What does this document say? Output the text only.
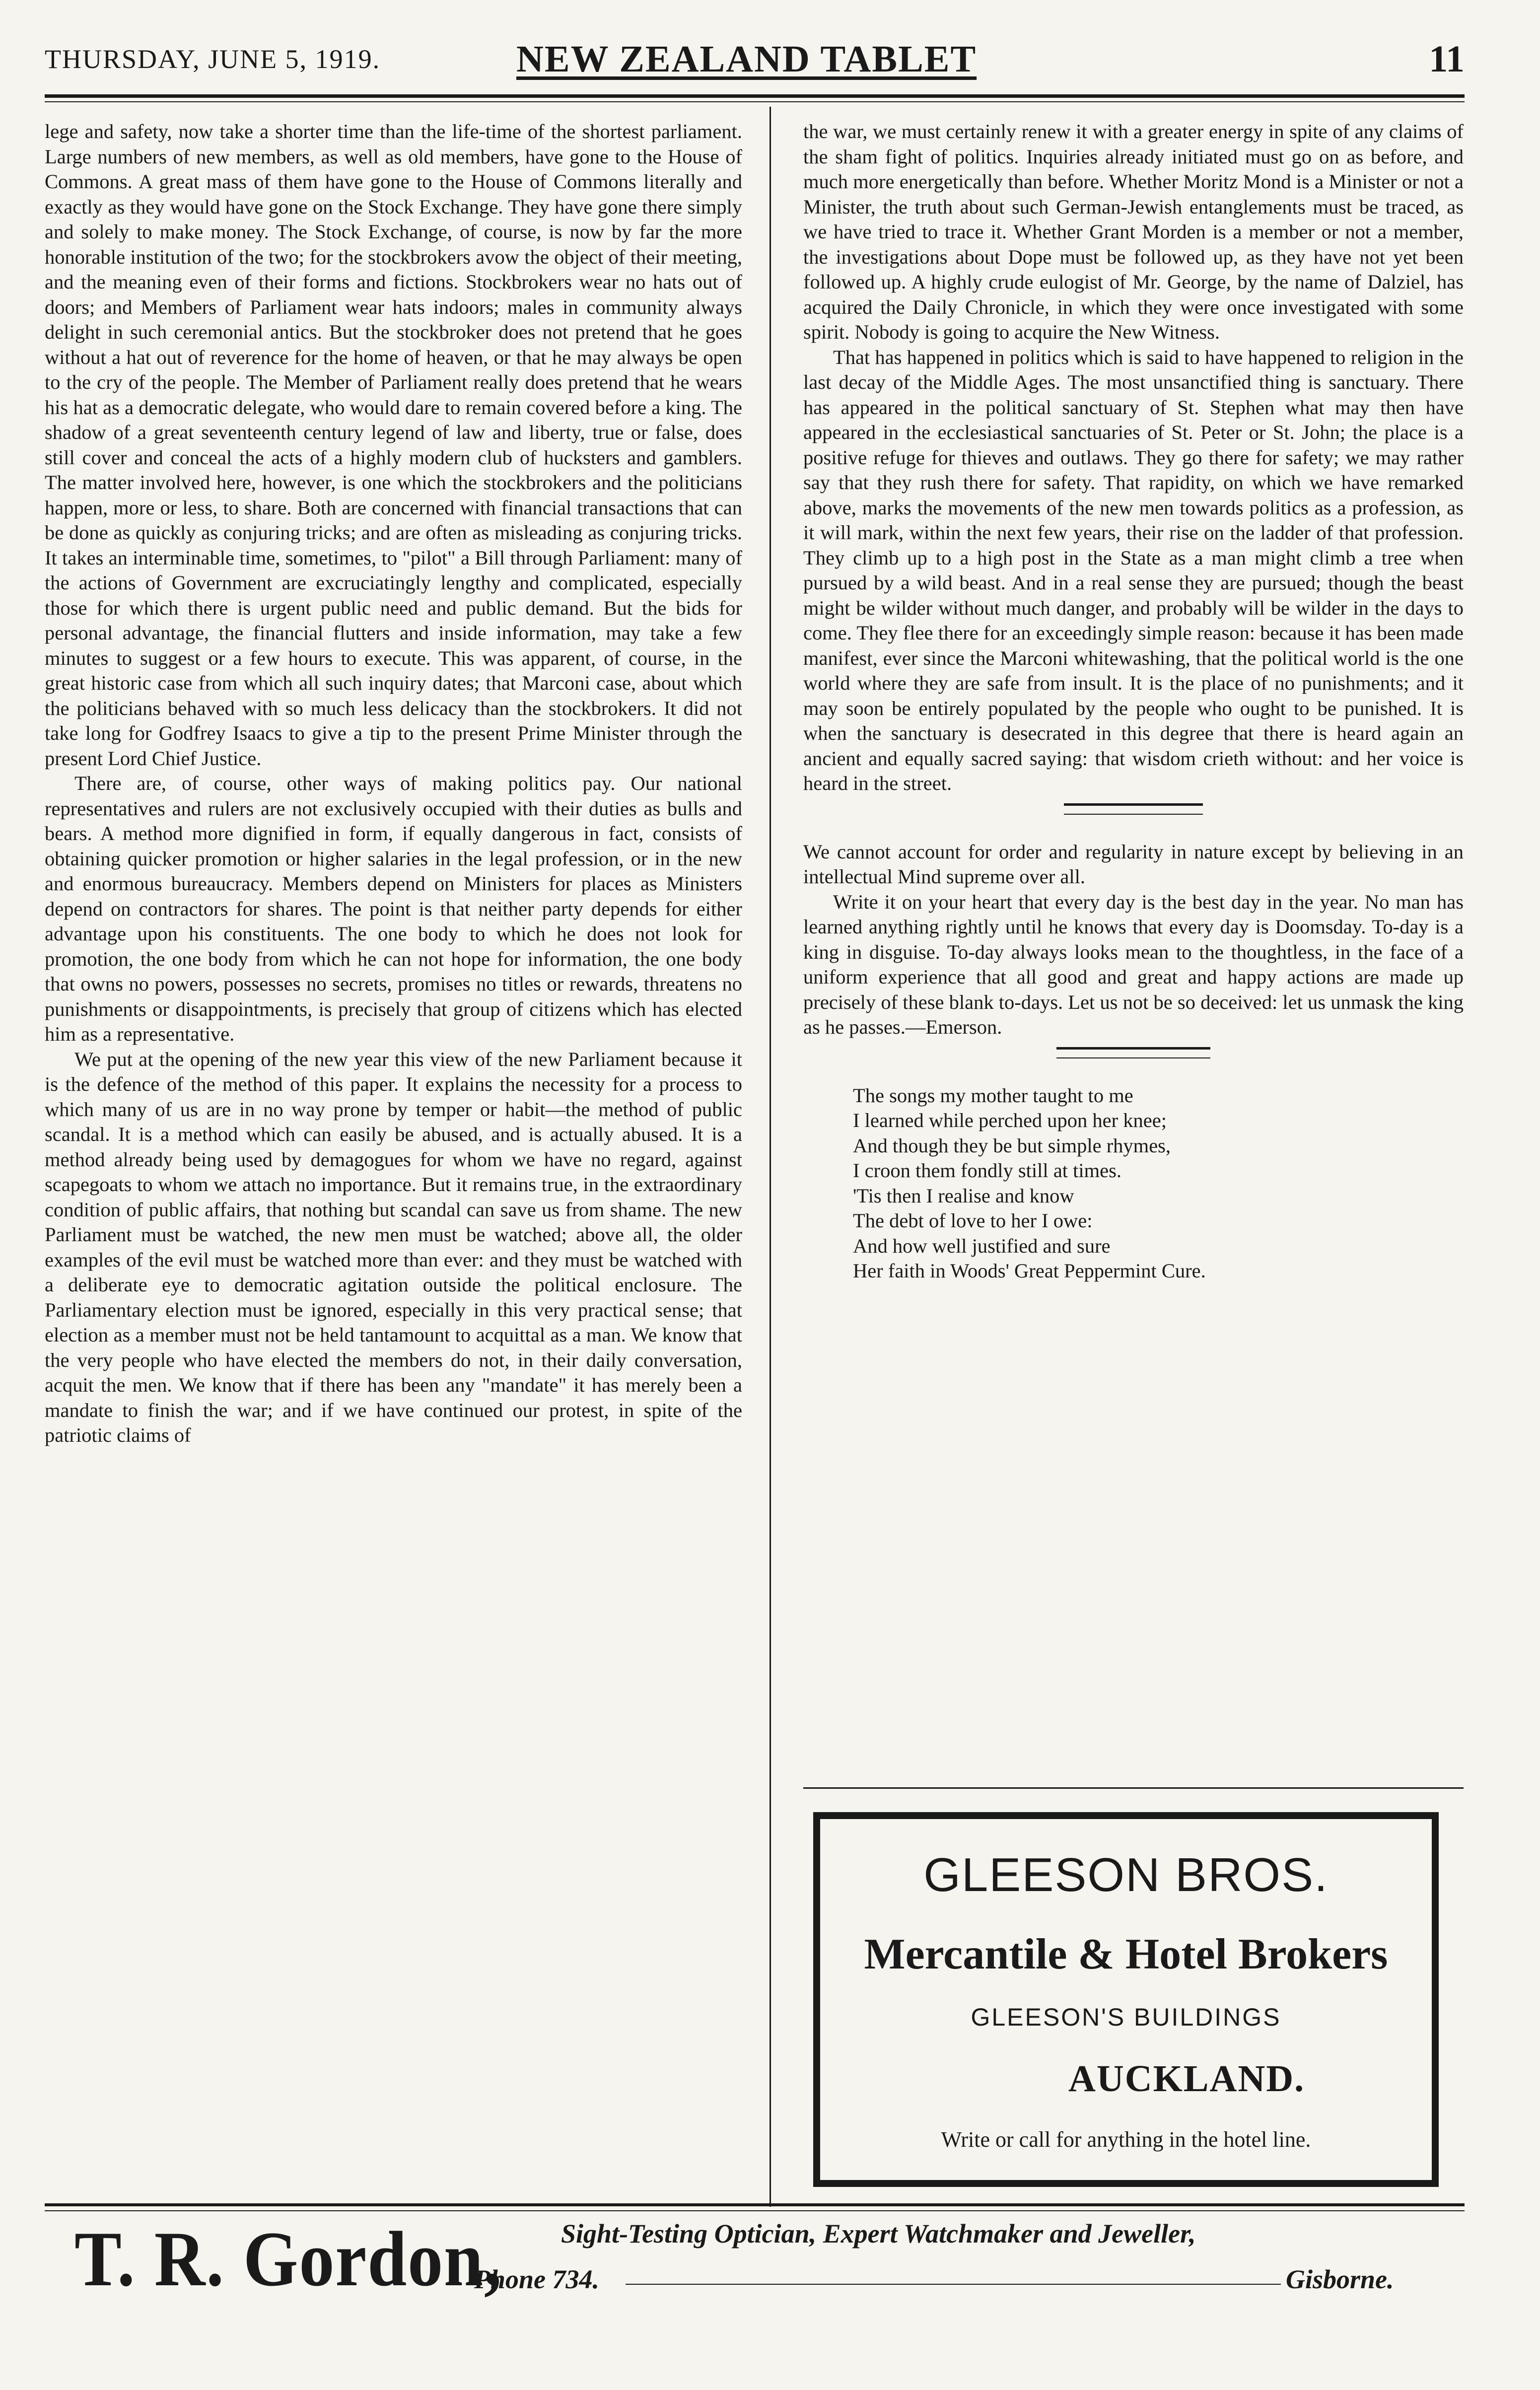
THURSDAY, JUNE 5, 1919.	NEW ZEALAND TABLET	11

lege and safety, now take a shorter time than the life-time of the shortest parliament. Large numbers of new members, as well as old members, have gone to the House of Commons. A great mass of them have gone to the House of Commons literally and exactly as they would have gone on the Stock Exchange. They have gone there simply and solely to make money. The Stock Exchange, of course, is now by far the more honorable institution of the two; for the stockbrokers avow the object of their meeting, and the meaning even of their forms and fictions. Stockbrokers wear no hats out of doors; and Members of Parliament wear hats indoors; males in community always delight in such ceremonial antics. But the stockbroker does not pretend that he goes without a hat out of reverence for the home of heaven, or that he may always be open to the cry of the people. The Member of Parliament really does pretend that he wears his hat as a democratic delegate, who would dare to remain covered before a king. The shadow of a great seventeenth century legend of law and liberty, true or false, does still cover and conceal the acts of a highly modern club of hucksters and gamblers. The matter involved here, however, is one which the stockbrokers and the politicians happen, more or less, to share. Both are concerned with financial transactions that can be done as quickly as conjuring tricks; and are often as misleading as conjuring tricks. It takes an interminable time, sometimes, to "pilot" a Bill through Parliament: many of the actions of Government are excruciatingly lengthy and complicated, especially those for which there is urgent public need and public demand. But the bids for personal advantage, the financial flutters and inside information, may take a few minutes to suggest or a few hours to execute. This was apparent, of course, in the great historic case from which all such inquiry dates; that Marconi case, about which the politicians behaved with so much less delicacy than the stockbrokers. It did not take long for Godfrey Isaacs to give a tip to the present Prime Minister through the present Lord Chief Justice.

There are, of course, other ways of making politics pay. Our national representatives and rulers are not exclusively occupied with their duties as bulls and bears. A method more dignified in form, if equally dangerous in fact, consists of obtaining quicker promotion or higher salaries in the legal profession, or in the new and enormous bureaucracy. Members depend on Ministers for places as Ministers depend on contractors for shares. The point is that neither party depends for either advantage upon his constituents. The one body to which he does not look for promotion, the one body from which he can not hope for information, the one body that owns no powers, possesses no secrets, promises no titles or rewards, threatens no punishments or disappointments, is precisely that group of citizens which has elected him as a representative.

We put at the opening of the new year this view of the new Parliament because it is the defence of the method of this paper. It explains the necessity for a process to which many of us are in no way prone by temper or habit—the method of public scandal. It is a method which can easily be abused, and is actually abused. It is a method already being used by demagogues for whom we have no regard, against scapegoats to whom we attach no importance. But it remains true, in the extraordinary condition of public affairs, that nothing but scandal can save us from shame. The new Parliament must be watched, the new men must be watched; above all, the older examples of the evil must be watched more than ever: and they must be watched with a deliberate eye to democratic agitation outside the political enclosure. The Parliamentary election must be ignored, especially in this very practical sense; that election as a member must not be held tantamount to acquittal as a man. We know that the very people who have elected the members do not, in their daily conversation, acquit the men. We know that if there has been any "mandate" it has merely been a mandate to finish the war; and if we have continued our protest, in spite of the patriotic claims of

the war, we must certainly renew it with a greater energy in spite of any claims of the sham fight of politics. Inquiries already initiated must go on as before, and much more energetically than before. Whether Moritz Mond is a Minister or not a Minister, the truth about such German-Jewish entanglements must be traced, as we have tried to trace it. Whether Grant Morden is a member or not a member, the investigations about Dope must be followed up, as they have not yet been followed up. A highly crude eulogist of Mr. George, by the name of Dalziel, has acquired the Daily Chronicle, in which they were once investigated with some spirit. Nobody is going to acquire the New Witness.

That has happened in politics which is said to have happened to religion in the last decay of the Middle Ages. The most unsanctified thing is sanctuary. There has appeared in the political sanctuary of St. Stephen what may then have appeared in the ecclesiastical sanctuaries of St. Peter or St. John; the place is a positive refuge for thieves and outlaws. They go there for safety; we may rather say that they rush there for safety. That rapidity, on which we have remarked above, marks the movements of the new men towards politics as a profession, as it will mark, within the next few years, their rise on the ladder of that profession. They climb up to a high post in the State as a man might climb a tree when pursued by a wild beast. And in a real sense they are pursued; though the beast might be wilder without much danger, and probably will be wilder in the days to come. They flee there for an exceedingly simple reason: because it has been made manifest, ever since the Marconi whitewashing, that the political world is the one world where they are safe from insult. It is the place of no punishments; and it may soon be entirely populated by the people who ought to be punished. It is when the sanctuary is desecrated in this degree that there is heard again an ancient and equally sacred saying: that wisdom crieth without: and her voice is heard in the street.

We cannot account for order and regularity in nature except by believing in an intellectual Mind supreme over all.

Write it on your heart that every day is the best day in the year. No man has learned anything rightly until he knows that every day is Doomsday. To-day is a king in disguise. To-day always looks mean to the thoughtless, in the face of a uniform experience that all good and great and happy actions are made up precisely of these blank to-days. Let us not be so deceived: let us unmask the king as he passes.—Emerson.

The songs my mother taught to me
I learned while perched upon her knee;
And though they be but simple rhymes,
I croon them fondly still at times.
'Tis then I realise and know
The debt of love to her I owe:
And how well justified and sure
Her faith in Woods' Great Peppermint Cure.
GLEESON BROS.
Mercantile & Hotel Brokers
GLEESON'S BUILDINGS
AUCKLAND.
Write or call for anything in the hotel line.
T. R. Gordon, Sight-Testing Optician, Expert Watchmaker and Jeweller,
'Phone 734.	Gisborne.
